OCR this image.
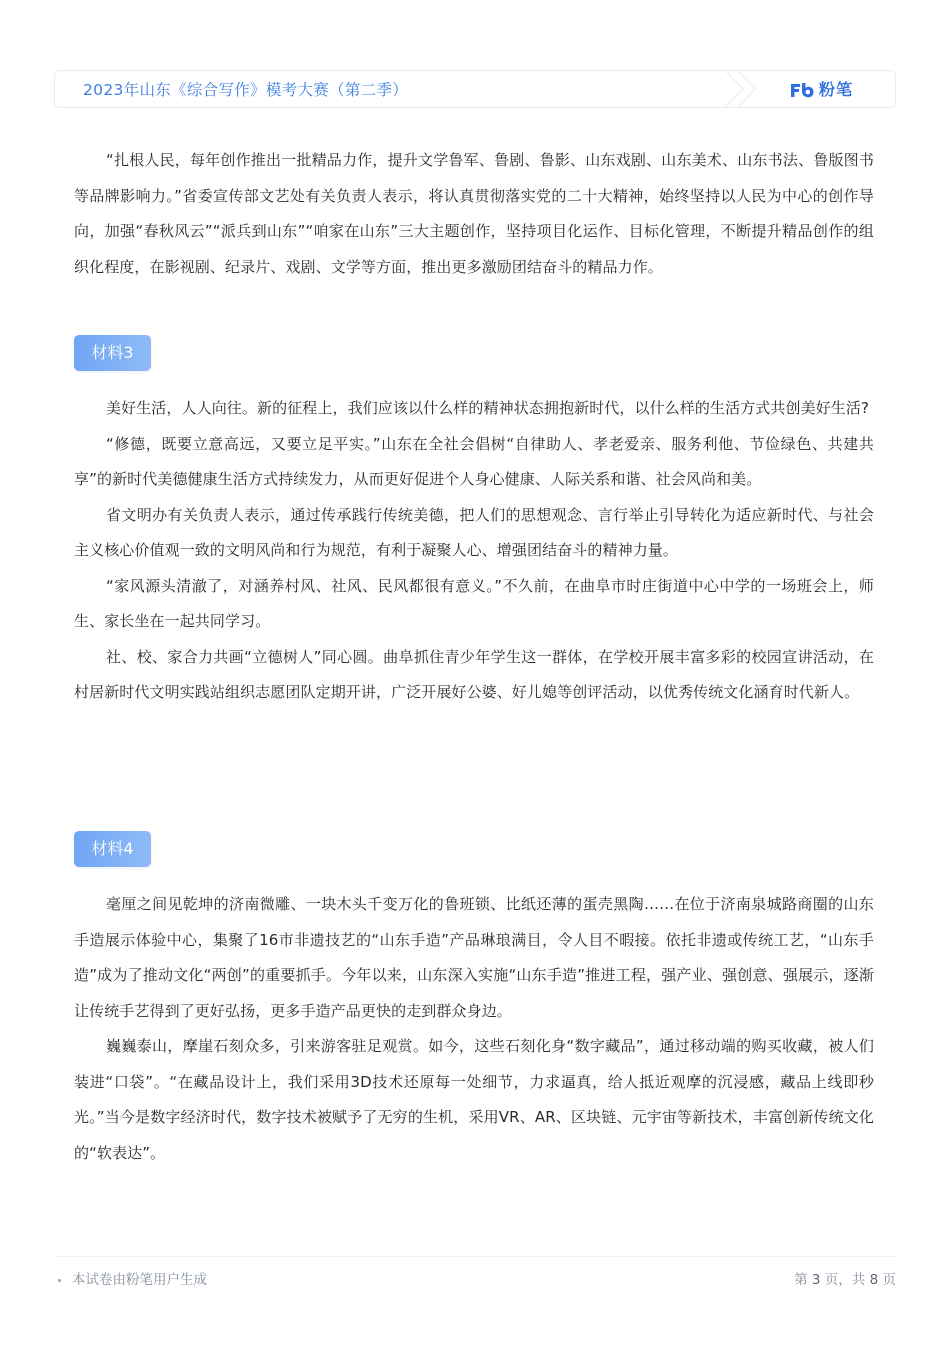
2023年山东《综合写作》模考大赛（第二季）	粉笔

“扎根人民，每年创作推出一批精品力作，提升文学鲁军、鲁剧、鲁影、山东戏剧、山东美术、山东书法、鲁版图书等品牌影响力。”省委宣传部文艺处有关负责人表示，将认真贯彻落实党的二十大精神，始终坚持以人民为中心的创作导向，加强“春秋风云”“派兵到山东”“咱家在山东”三大主题创作，坚持项目化运作、目标化管理，不断提升精品创作的组织化程度，在影视剧、纪录片、戏剧、文学等方面，推出更多激励团结奋斗的精品力作。

材料3

美好生活，人人向往。新的征程上，我们应该以什么样的精神状态拥抱新时代，以什么样的生活方式共创美好生活?

“修德，既要立意高远，又要立足平实。”山东在全社会倡树“自律助人、孝老爱亲、服务利他、节俭绿色、共建共享”的新时代美德健康生活方式持续发力，从而更好促进个人身心健康、人际关系和谐、社会风尚和美。

省文明办有关负责人表示，通过传承践行传统美德，把人们的思想观念、言行举止引导转化为适应新时代、与社会主义核心价值观一致的文明风尚和行为规范，有利于凝聚人心、增强团结奋斗的精神力量。

“家风源头清澈了，对涵养村风、社风、民风都很有意义。”不久前，在曲阜市时庄街道中心中学的一场班会上，师生、家长坐在一起共同学习。

社、校、家合力共画“立德树人”同心圆。曲阜抓住青少年学生这一群体，在学校开展丰富多彩的校园宣讲活动，在村居新时代文明实践站组织志愿团队定期开讲，广泛开展好公婆、好儿媳等创评活动，以优秀传统文化涵育时代新人。

材料4

毫厘之间见乾坤的济南微雕、一块木头千变万化的鲁班锁、比纸还薄的蛋壳黑陶……在位于济南泉城路商圈的山东手造展示体验中心，集聚了16市非遗技艺的“山东手造”产品琳琅满目，令人目不暇接。依托非遗或传统工艺，“山东手造”成为了推动文化“两创”的重要抓手。今年以来，山东深入实施“山东手造”推进工程，强产业、强创意、强展示，逐渐让传统手艺得到了更好弘扬，更多手造产品更快的走到群众身边。

巍巍泰山，摩崖石刻众多，引来游客驻足观赏。如今，这些石刻化身“数字藏品”，通过移动端的购买收藏，被人们装进“口袋”。“在藏品设计上，我们采用3D技术还原每一处细节，力求逼真，给人抵近观摩的沉浸感，藏品上线即秒光。”当今是数字经济时代，数字技术被赋予了无穷的生机，采用VR、AR、区块链、元宇宙等新技术，丰富创新传统文化的“软表达”。

本试卷由粉笔用户生成	第 3 页，共 8 页
